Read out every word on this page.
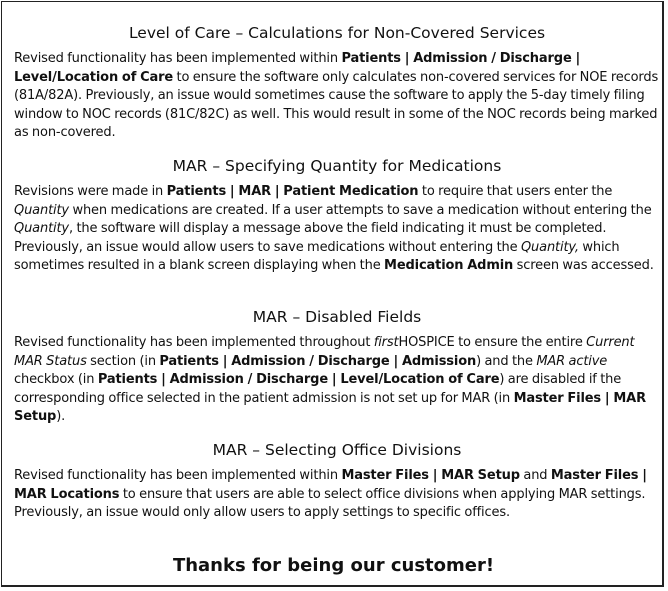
Level of Care – Calculations for Non-Covered Services

Revised functionality has been implemented within Patients | Admission / Discharge | Level/Location of Care to ensure the software only calculates non-covered services for NOE records (81A/82A). Previously, an issue would sometimes cause the software to apply the 5-day timely filing window to NOC records (81C/82C) as well. This would result in some of the NOC records being marked as non-covered.

MAR – Specifying Quantity for Medications

Revisions were made in Patients | MAR | Patient Medication to require that users enter the Quantity when medications are created. If a user attempts to save a medication without entering the Quantity, the software will display a message above the field indicating it must be completed. Previously, an issue would allow users to save medications without entering the Quantity, which sometimes resulted in a blank screen displaying when the Medication Admin screen was accessed.

MAR – Disabled Fields

Revised functionality has been implemented throughout firstHOSPICE to ensure the entire Current MAR Status section (in Patients | Admission / Discharge | Admission) and the MAR active checkbox (in Patients | Admission / Discharge | Level/Location of Care) are disabled if the corresponding office selected in the patient admission is not set up for MAR (in Master Files | MAR Setup).

MAR – Selecting Office Divisions

Revised functionality has been implemented within Master Files | MAR Setup and Master Files | MAR Locations to ensure that users are able to select office divisions when applying MAR settings. Previously, an issue would only allow users to apply settings to specific offices.

Thanks for being our customer!
